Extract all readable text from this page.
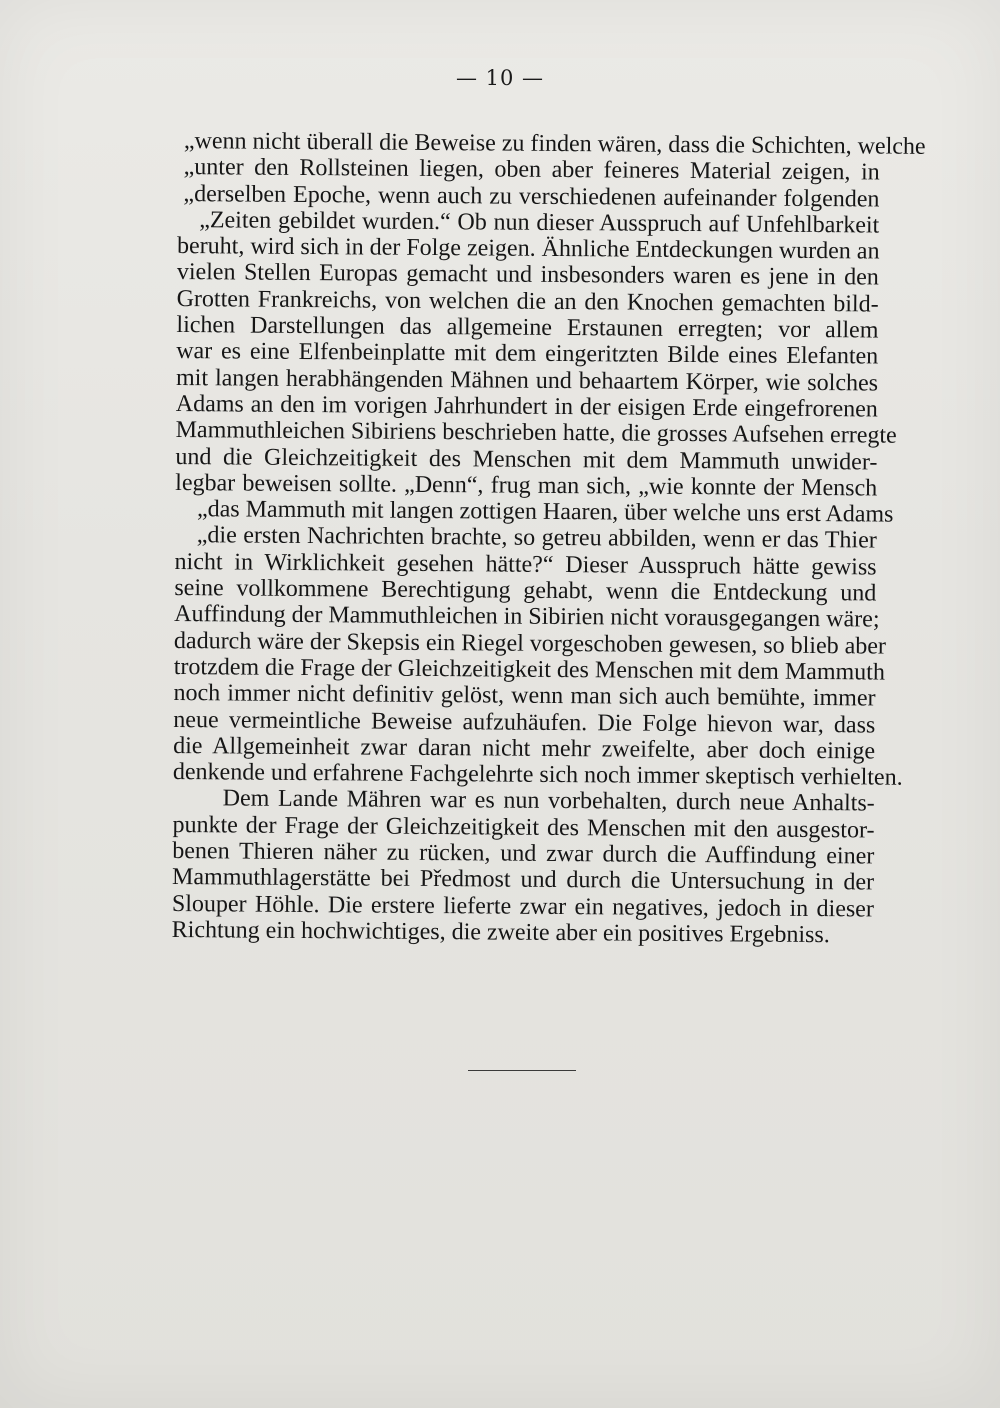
— 10 —
„wenn nicht überall die Beweise zu finden wären, dass die Schichten, welche
„unter den Rollsteinen liegen, oben aber feineres Material zeigen, in
„derselben Epoche, wenn auch zu verschiedenen aufeinander folgenden
„Zeiten gebildet wurden.“ Ob nun dieser Ausspruch auf Unfehlbarkeit
beruht, wird sich in der Folge zeigen. Ähnliche Entdeckungen wurden an
vielen Stellen Europas gemacht und insbesonders waren es jene in den
Grotten Frankreichs, von welchen die an den Knochen gemachten bild-
lichen Darstellungen das allgemeine Erstaunen erregten; vor allem
war es eine Elfenbeinplatte mit dem eingeritzten Bilde eines Elefanten
mit langen herabhängenden Mähnen und behaartem Körper, wie solches
Adams an den im vorigen Jahrhundert in der eisigen Erde eingefrorenen
Mammuthleichen Sibiriens beschrieben hatte, die grosses Aufsehen erregte
und die Gleichzeitigkeit des Menschen mit dem Mammuth unwider-
legbar beweisen sollte. „Denn“, frug man sich, „wie konnte der Mensch
„das Mammuth mit langen zottigen Haaren, über welche uns erst Adams
„die ersten Nachrichten brachte, so getreu abbilden, wenn er das Thier
nicht in Wirklichkeit gesehen hätte?“ Dieser Ausspruch hätte gewiss
seine vollkommene Berechtigung gehabt, wenn die Entdeckung und
Auffindung der Mammuthleichen in Sibirien nicht vorausgegangen wäre;
dadurch wäre der Skepsis ein Riegel vorgeschoben gewesen, so blieb aber
trotzdem die Frage der Gleichzeitigkeit des Menschen mit dem Mammuth
noch immer nicht definitiv gelöst, wenn man sich auch bemühte, immer
neue vermeintliche Beweise aufzuhäufen. Die Folge hievon war, dass
die Allgemeinheit zwar daran nicht mehr zweifelte, aber doch einige
denkende und erfahrene Fachgelehrte sich noch immer skeptisch verhielten.
Dem Lande Mähren war es nun vorbehalten, durch neue Anhalts-
punkte der Frage der Gleichzeitigkeit des Menschen mit den ausgestor-
benen Thieren näher zu rücken, und zwar durch die Auffindung einer
Mammuthlagerstätte bei Předmost und durch die Untersuchung in der
Slouper Höhle. Die erstere lieferte zwar ein negatives, jedoch in dieser
Richtung ein hochwichtiges, die zweite aber ein positives Ergebniss.
